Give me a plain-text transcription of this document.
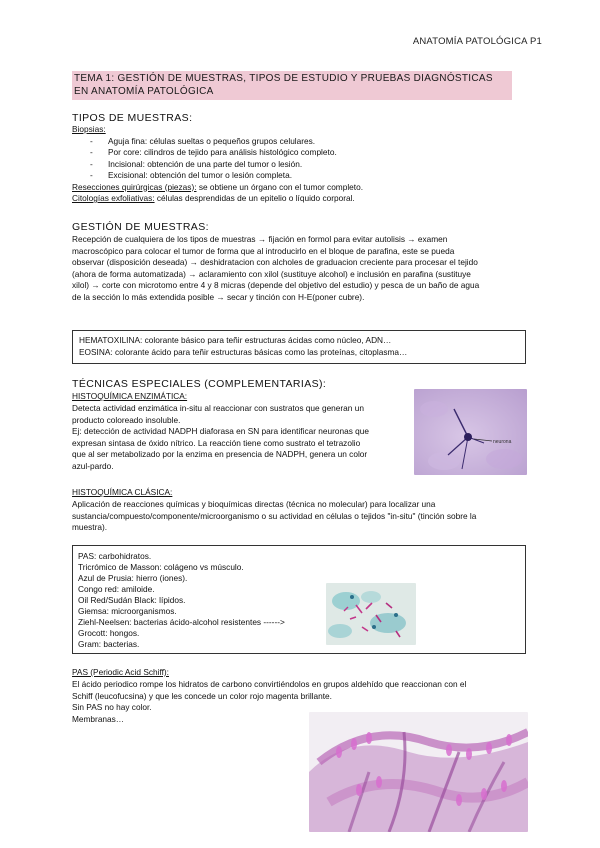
ANATOMÍA PATOLÓGICA P1
TEMA 1: GESTIÓN DE MUESTRAS, TIPOS DE ESTUDIO Y PRUEBAS DIAGNÓSTICAS EN ANATOMÍA PATOLÓGICA
TIPOS DE MUESTRAS:
Biopsias:
- Aguja fina: células sueltas o pequeños grupos celulares.
- Por core: cilindros de tejido para análisis histológico completo.
- Incisional: obtención de una parte del tumor o lesión.
- Excisional: obtención del tumor o lesión completa.
Resecciones quirúrgicas (piezas): se obtiene un órgano con el tumor completo.
Citologías exfoliativas: células desprendidas de un epitelio o líquido corporal.
GESTIÓN DE MUESTRAS:
Recepción de cualquiera de los tipos de muestras → fijación en formol para evitar autolisis → examen
macroscópico para colocar el tumor de forma que al introducirlo en el bloque de parafina, este se pueda
observar (disposición deseada) → deshidratacion con alcholes de graduacion creciente para procesar el tejido
(ahora de forma automatizada) → aclaramiento con xilol (sustituye alcohol) e inclusión en parafina (sustituye
xilol) → corte con microtomo entre 4 y 8 micras (depende del objetivo del estudio) y pesca de un baño de agua
de la sección lo más extendida posible → secar y tinción con H-E(poner cubre).
HEMATOXILINA: colorante básico para teñir estructuras ácidas como núcleo, ADN…
EOSINA: colorante ácido para teñir estructuras básicas como las proteínas, citoplasma…
TÉCNICAS ESPECIALES (COMPLEMENTARIAS):
HISTOQUÍMICA ENZIMÁTICA:
Detecta actividad enzimática in-situ al reaccionar con sustratos que generan un
producto coloreado insoluble.
Ej: detección de actividad NADPH diaforasa en SN para identificar neuronas que
expresan sintasa de óxido nítrico. La reacción tiene como sustrato el tetrazolio
que al ser metabolizado por la enzima en presencia de NADPH, genera un color
azul-pardo.
neurona
HISTOQUÍMICA CLÁSICA:
Aplicación de reacciones químicas y bioquímicas directas (técnica no molecular) para localizar una
sustancia/compuesto/componente/microorganismo o su actividad en células o tejidos "in-situ" (tinción sobre la
muestra).
PAS: carbohidratos.
Tricrómico de Masson: colágeno vs músculo.
Azul de Prusia: hierro (iones).
Congo red: amiloide.
Oil Red/Sudán Black: lípidos.
Giemsa: microorganismos.
Ziehl-Neelsen: bacterias ácido-alcohol resistentes ------>
Grocott: hongos.
Gram: bacterias.
PAS (Periodic Acid Schiff):
El ácido periodico rompe los hidratos de carbono convirtiéndolos en grupos aldehído que reaccionan con el
Schiff (leucofucsina) y que les concede un color rojo magenta brillante.
Sin PAS no hay color.
Membranas…
